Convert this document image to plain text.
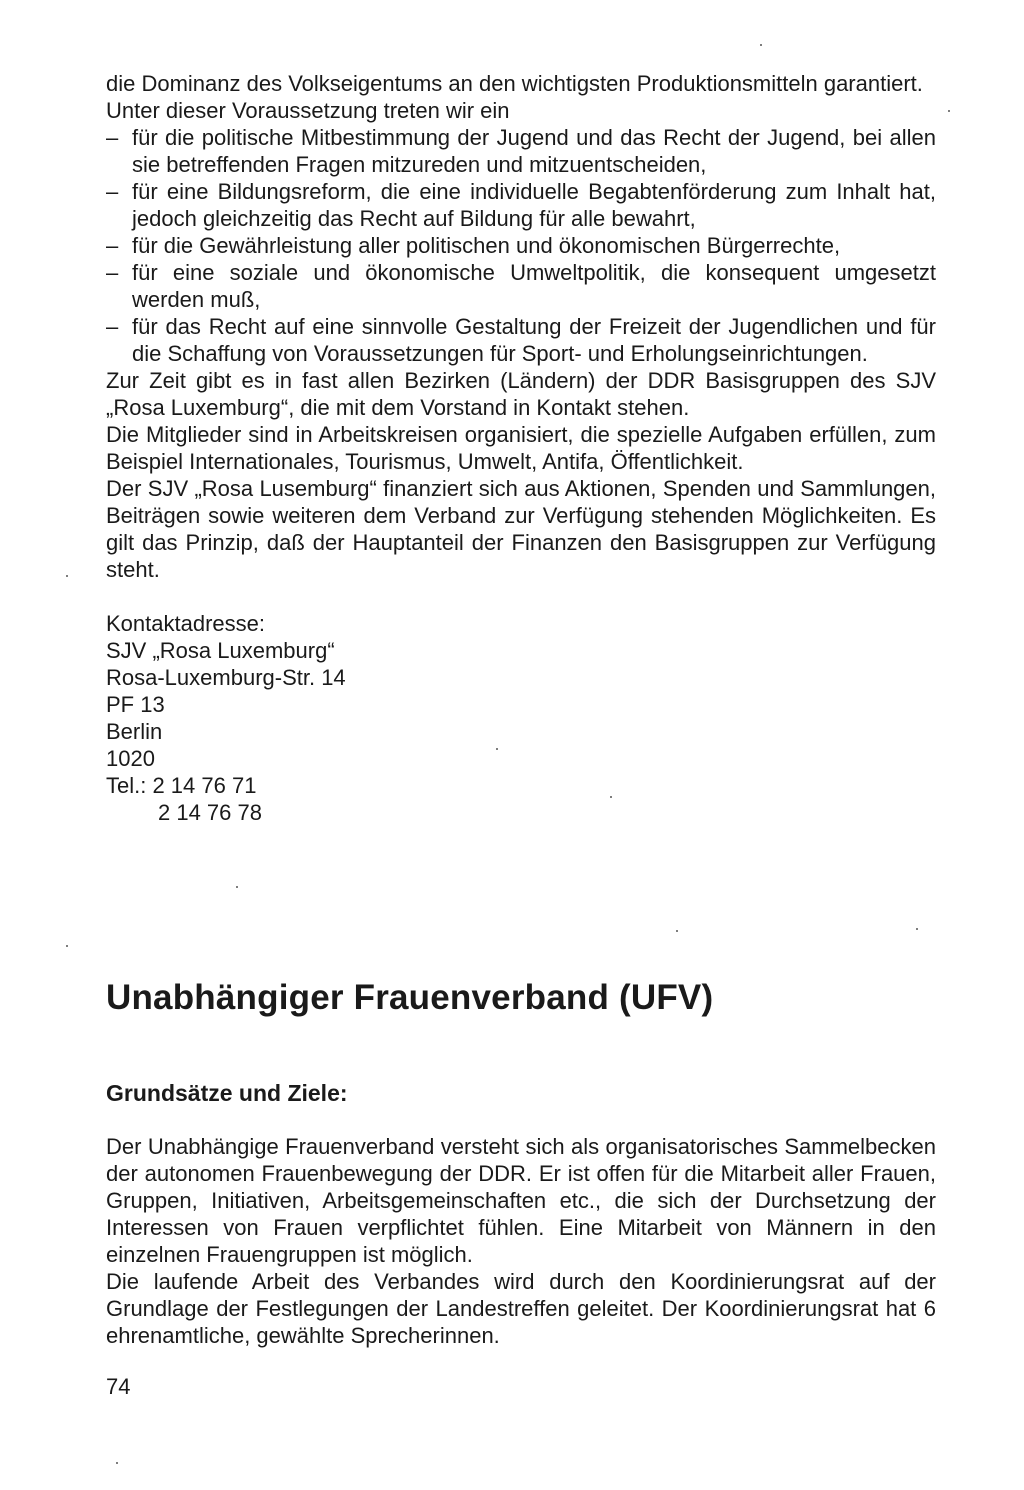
die Dominanz des Volkseigentums an den wichtigsten Produktionsmitteln garantiert.

Unter dieser Voraussetzung treten wir ein

– für die politische Mitbestimmung der Jugend und das Recht der Jugend, bei allen sie betreffenden Fragen mitzureden und mitzuentscheiden,
– für eine Bildungsreform, die eine individuelle Begabtenförderung zum Inhalt hat, jedoch gleichzeitig das Recht auf Bildung für alle bewahrt,
– für die Gewährleistung aller politischen und ökonomischen Bürgerrechte,
– für eine soziale und ökonomische Umweltpolitik, die konsequent umgesetzt werden muß,
– für das Recht auf eine sinnvolle Gestaltung der Freizeit der Jugendlichen und für die Schaffung von Voraussetzungen für Sport- und Erholungseinrichtungen.

Zur Zeit gibt es in fast allen Bezirken (Ländern) der DDR Basisgruppen des SJV „Rosa Luxemburg“, die mit dem Vorstand in Kontakt stehen.

Die Mitglieder sind in Arbeitskreisen organisiert, die spezielle Aufgaben erfüllen, zum Beispiel Internationales, Tourismus, Umwelt, Antifa, Öffentlichkeit.

Der SJV „Rosa Lusemburg“ finanziert sich aus Aktionen, Spenden und Sammlungen, Beiträgen sowie weiteren dem Verband zur Verfügung stehenden Möglichkeiten. Es gilt das Prinzip, daß der Hauptanteil der Finanzen den Basisgruppen zur Verfügung steht.

Kontaktadresse:
SJV „Rosa Luxemburg“
Rosa-Luxemburg-Str. 14
PF 13
Berlin
1020
Tel.: 2 14 76 71
2 14 76 78
Unabhängiger Frauenverband (UFV)
Grundsätze und Ziele:

Der Unabhängige Frauenverband versteht sich als organisatorisches Sammelbecken der autonomen Frauenbewegung der DDR. Er ist offen für die Mitarbeit aller Frauen, Gruppen, Initiativen, Arbeitsgemeinschaften etc., die sich der Durchsetzung der Interessen von Frauen verpflichtet fühlen. Eine Mitarbeit von Männern in den einzelnen Frauengruppen ist möglich.

Die laufende Arbeit des Verbandes wird durch den Koordinierungsrat auf der Grundlage der Festlegungen der Landestreffen geleitet. Der Koordinierungsrat hat 6 ehrenamtliche, gewählte Sprecherinnen.

74
